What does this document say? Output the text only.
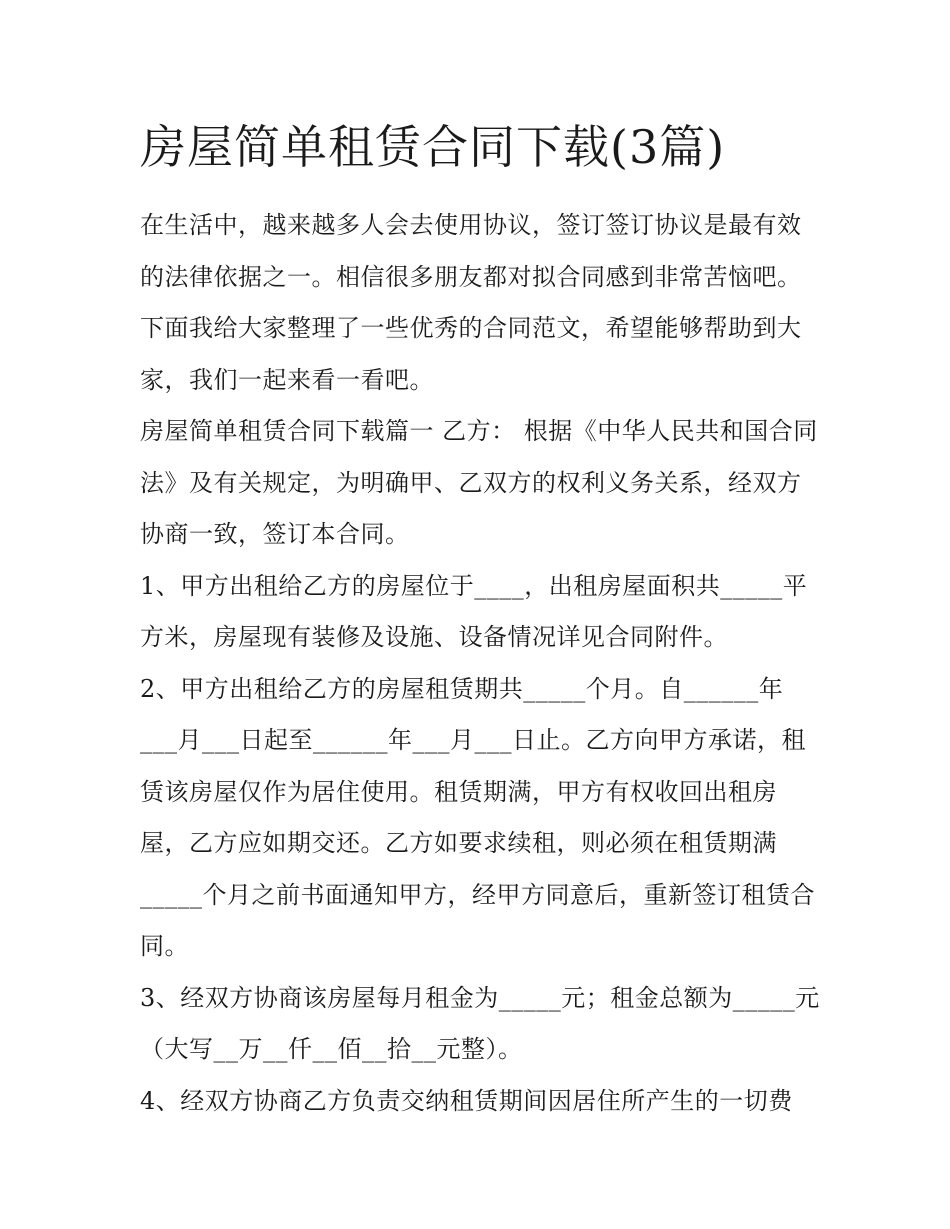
房屋简单租赁合同下载(3篇)

在生活中，越来越多人会去使用协议，签订签订协议是最有效的法律依据之一。相信很多朋友都对拟合同感到非常苦恼吧。下面我给大家整理了一些优秀的合同范文，希望能够帮助到大家，我们一起来看一看吧。

房屋简单租赁合同下载篇一 乙方： 根据《中华人民共和国合同法》及有关规定，为明确甲、乙双方的权利义务关系，经双方协商一致，签订本合同。

1、甲方出租给乙方的房屋位于____，出租房屋面积共_____平方米，房屋现有装修及设施、设备情况详见合同附件。

2、甲方出租给乙方的房屋租赁期共_____个月。自______年___月___日起至______年___月___日止。乙方向甲方承诺，租赁该房屋仅作为居住使用。租赁期满，甲方有权收回出租房屋，乙方应如期交还。乙方如要求续租，则必须在租赁期满_____个月之前书面通知甲方，经甲方同意后，重新签订租赁合同。

3、经双方协商该房屋每月租金为_____元；租金总额为_____元（大写__万__仟__佰__拾__元整）。

4、经双方协商乙方负责交纳租赁期间因居住所产生的一切费
